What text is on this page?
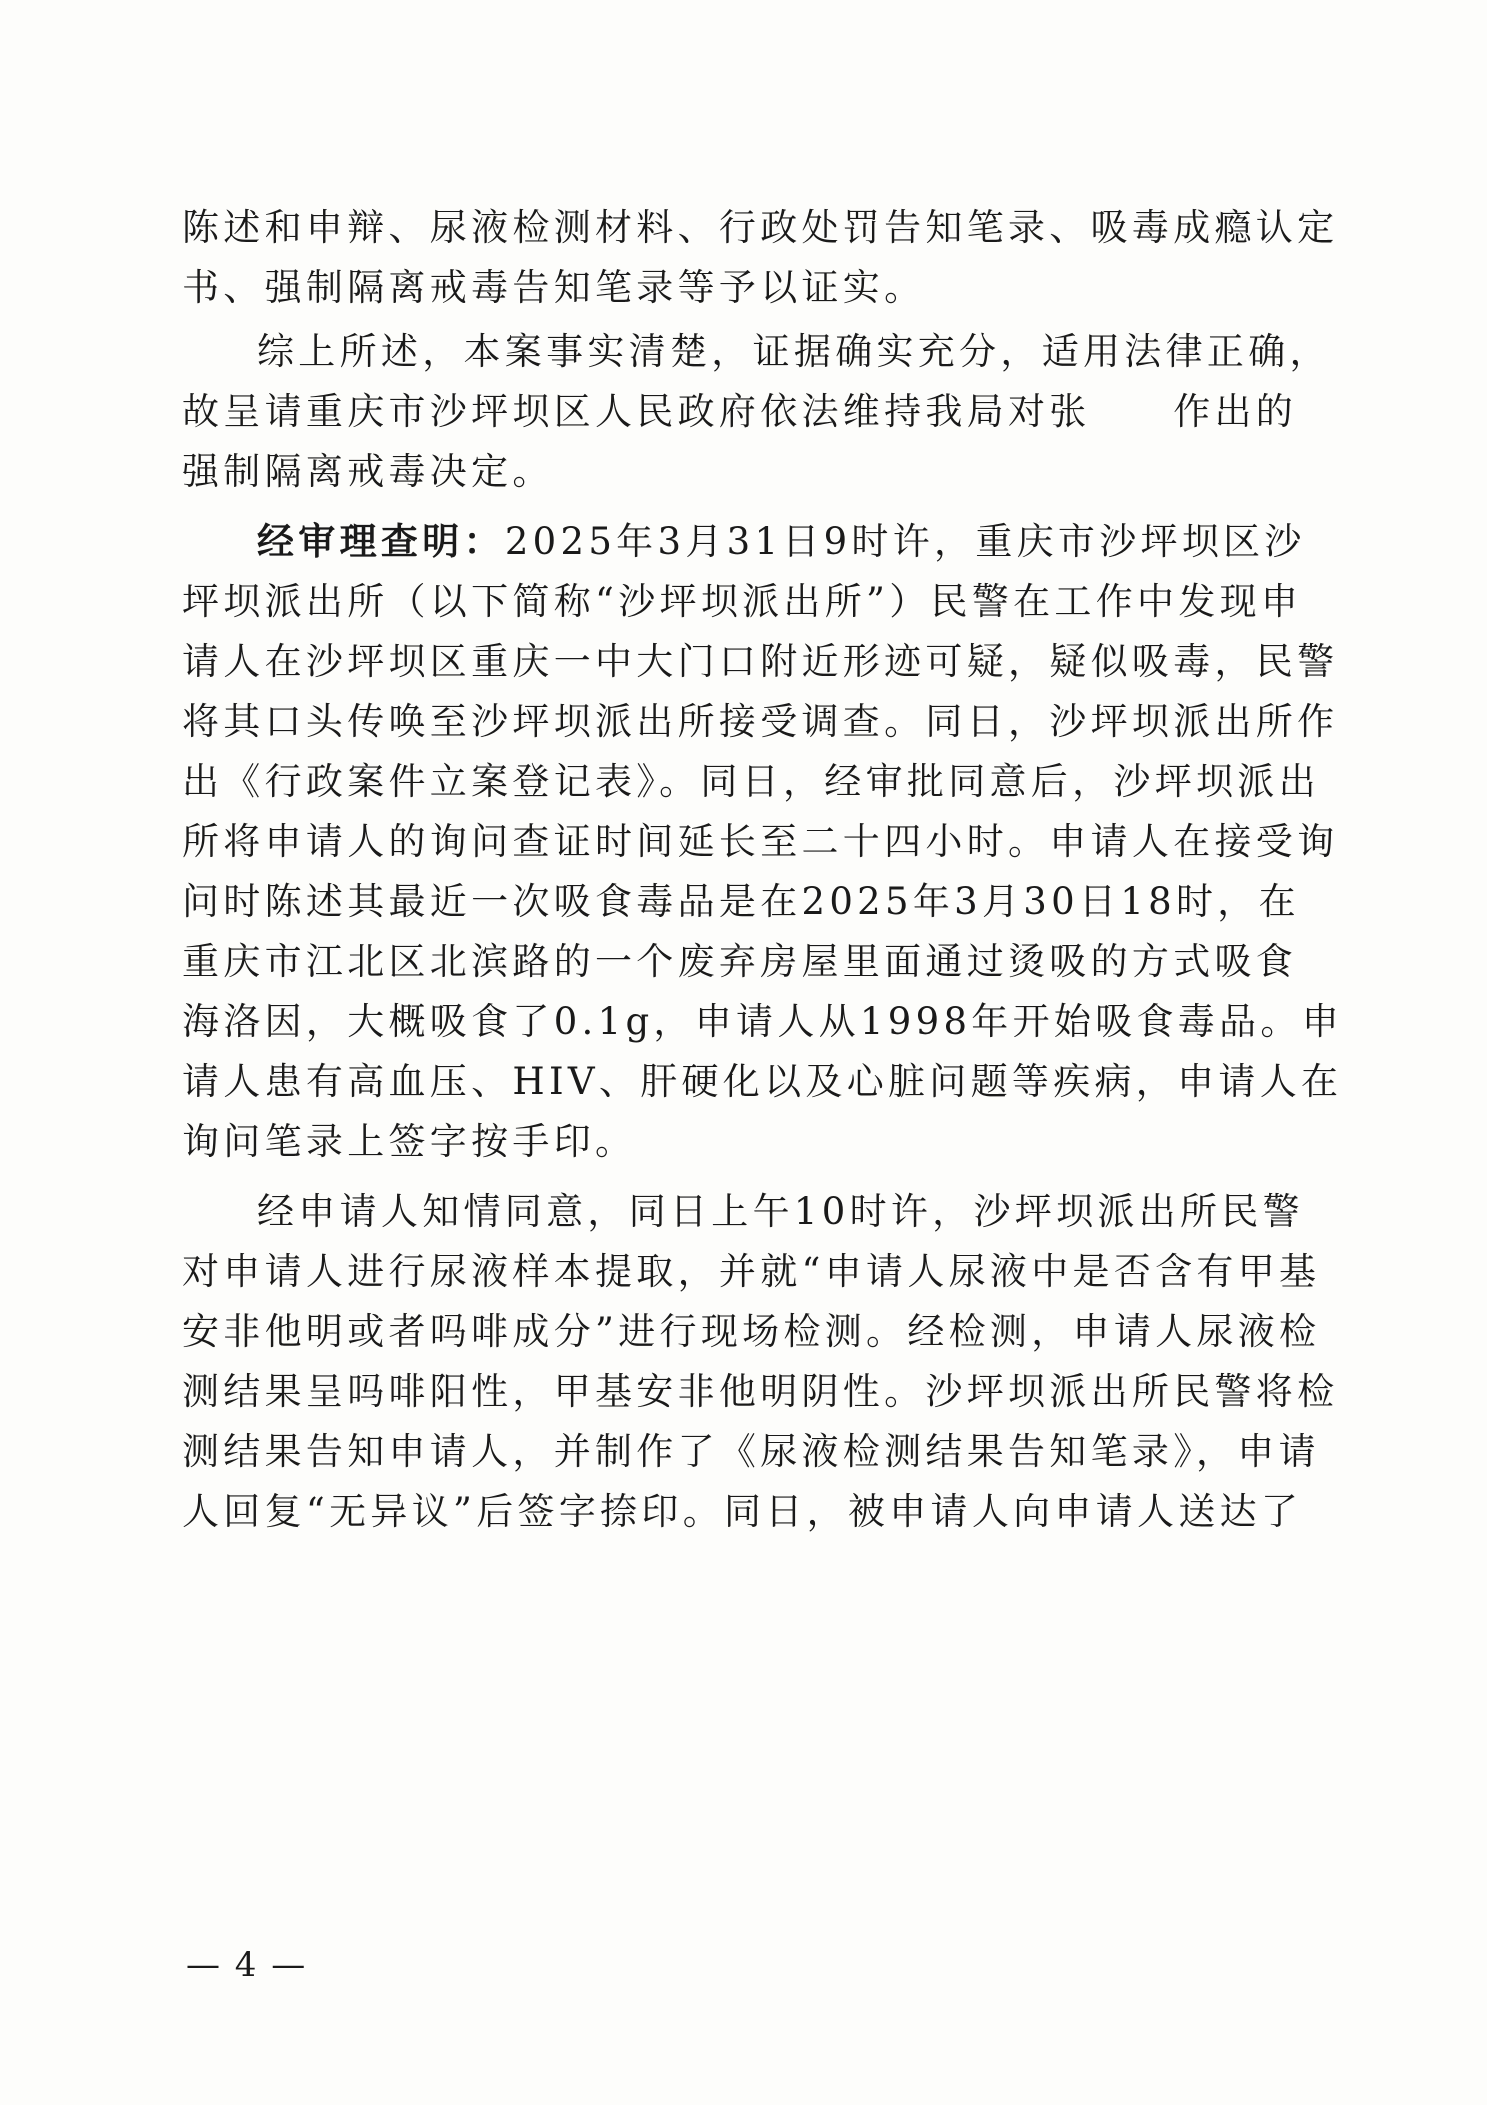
陈述和申辩、尿液检测材料、行政处罚告知笔录、吸毒成瘾认定
书、强制隔离戒毒告知笔录等予以证实。
综上所述，本案事实清楚，证据确实充分，适用法律正确，
故呈请重庆市沙坪坝区人民政府依法维持我局对张　　作出的
强制隔离戒毒决定。
经审理查明：2025年3月31日9时许，重庆市沙坪坝区沙
坪坝派出所（以下简称“沙坪坝派出所”）民警在工作中发现申
请人在沙坪坝区重庆一中大门口附近形迹可疑，疑似吸毒，民警
将其口头传唤至沙坪坝派出所接受调查。同日，沙坪坝派出所作
出《行政案件立案登记表》。同日，经审批同意后，沙坪坝派出
所将申请人的询问查证时间延长至二十四小时。申请人在接受询
问时陈述其最近一次吸食毒品是在2025年3月30日18时，在
重庆市江北区北滨路的一个废弃房屋里面通过烫吸的方式吸食
海洛因，大概吸食了0.1g，申请人从1998年开始吸食毒品。申
请人患有高血压、HIV、肝硬化以及心脏问题等疾病，申请人在
询问笔录上签字按手印。
经申请人知情同意，同日上午10时许，沙坪坝派出所民警
对申请人进行尿液样本提取，并就“申请人尿液中是否含有甲基
安非他明或者吗啡成分”进行现场检测。经检测，申请人尿液检
测结果呈吗啡阳性，甲基安非他明阴性。沙坪坝派出所民警将检
测结果告知申请人，并制作了《尿液检测结果告知笔录》，申请
人回复“无异议”后签字捺印。同日，被申请人向申请人送达了
— 4 —
